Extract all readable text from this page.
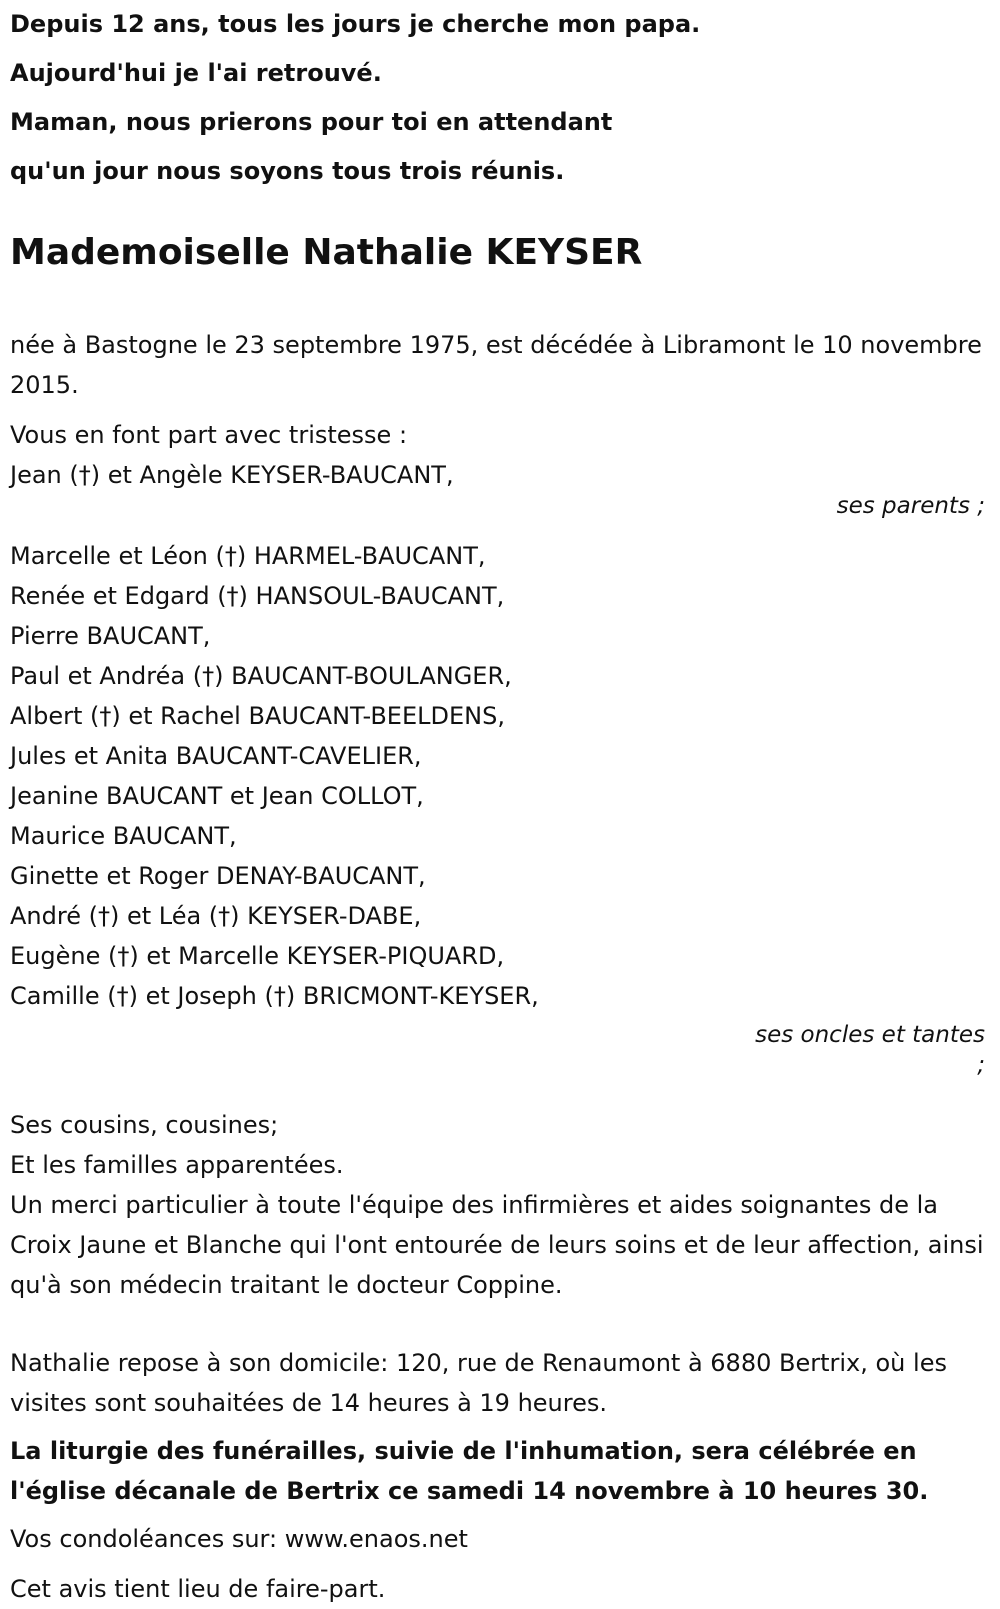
Depuis 12 ans, tous les jours je cherche mon papa.

Aujourd'hui je l'ai retrouvé.

Maman, nous prierons pour toi en attendant

qu'un jour nous soyons tous trois réunis.

Mademoiselle Nathalie KEYSER

née à Bastogne le 23 septembre 1975, est décédée à Libramont le 10 novembre 2015.

Vous en font part avec tristesse :

Jean (†) et Angèle KEYSER-BAUCANT,
ses parents ;
Marcelle et Léon (†) HARMEL-BAUCANT,
Renée et Edgard (†) HANSOUL-BAUCANT,
Pierre BAUCANT,
Paul et Andréa (†) BAUCANT-BOULANGER,
Albert (†) et Rachel BAUCANT-BEELDENS,
Jules et Anita BAUCANT-CAVELIER,
Jeanine BAUCANT et Jean COLLOT,
Maurice BAUCANT,
Ginette et Roger DENAY-BAUCANT,
André (†) et Léa (†) KEYSER-DABE,
Eugène (†) et Marcelle KEYSER-PIQUARD,
Camille (†) et Joseph (†) BRICMONT-KEYSER,
ses oncles et tantes
;

Ses cousins, cousines;

Et les familles apparentées.

Un merci particulier à toute l'équipe des infirmières et aides soignantes de la Croix Jaune et Blanche qui l'ont entourée de leurs soins et de leur affection, ainsi qu'à son médecin traitant le docteur Coppine.

Nathalie repose à son domicile: 120, rue de Renaumont à 6880 Bertrix, où les visites sont souhaitées de 14 heures à 19 heures.

La liturgie des funérailles, suivie de l'inhumation, sera célébrée en l'église décanale de Bertrix ce samedi 14 novembre à 10 heures 30.

Vos condoléances sur: www.enaos.net

Cet avis tient lieu de faire-part.
